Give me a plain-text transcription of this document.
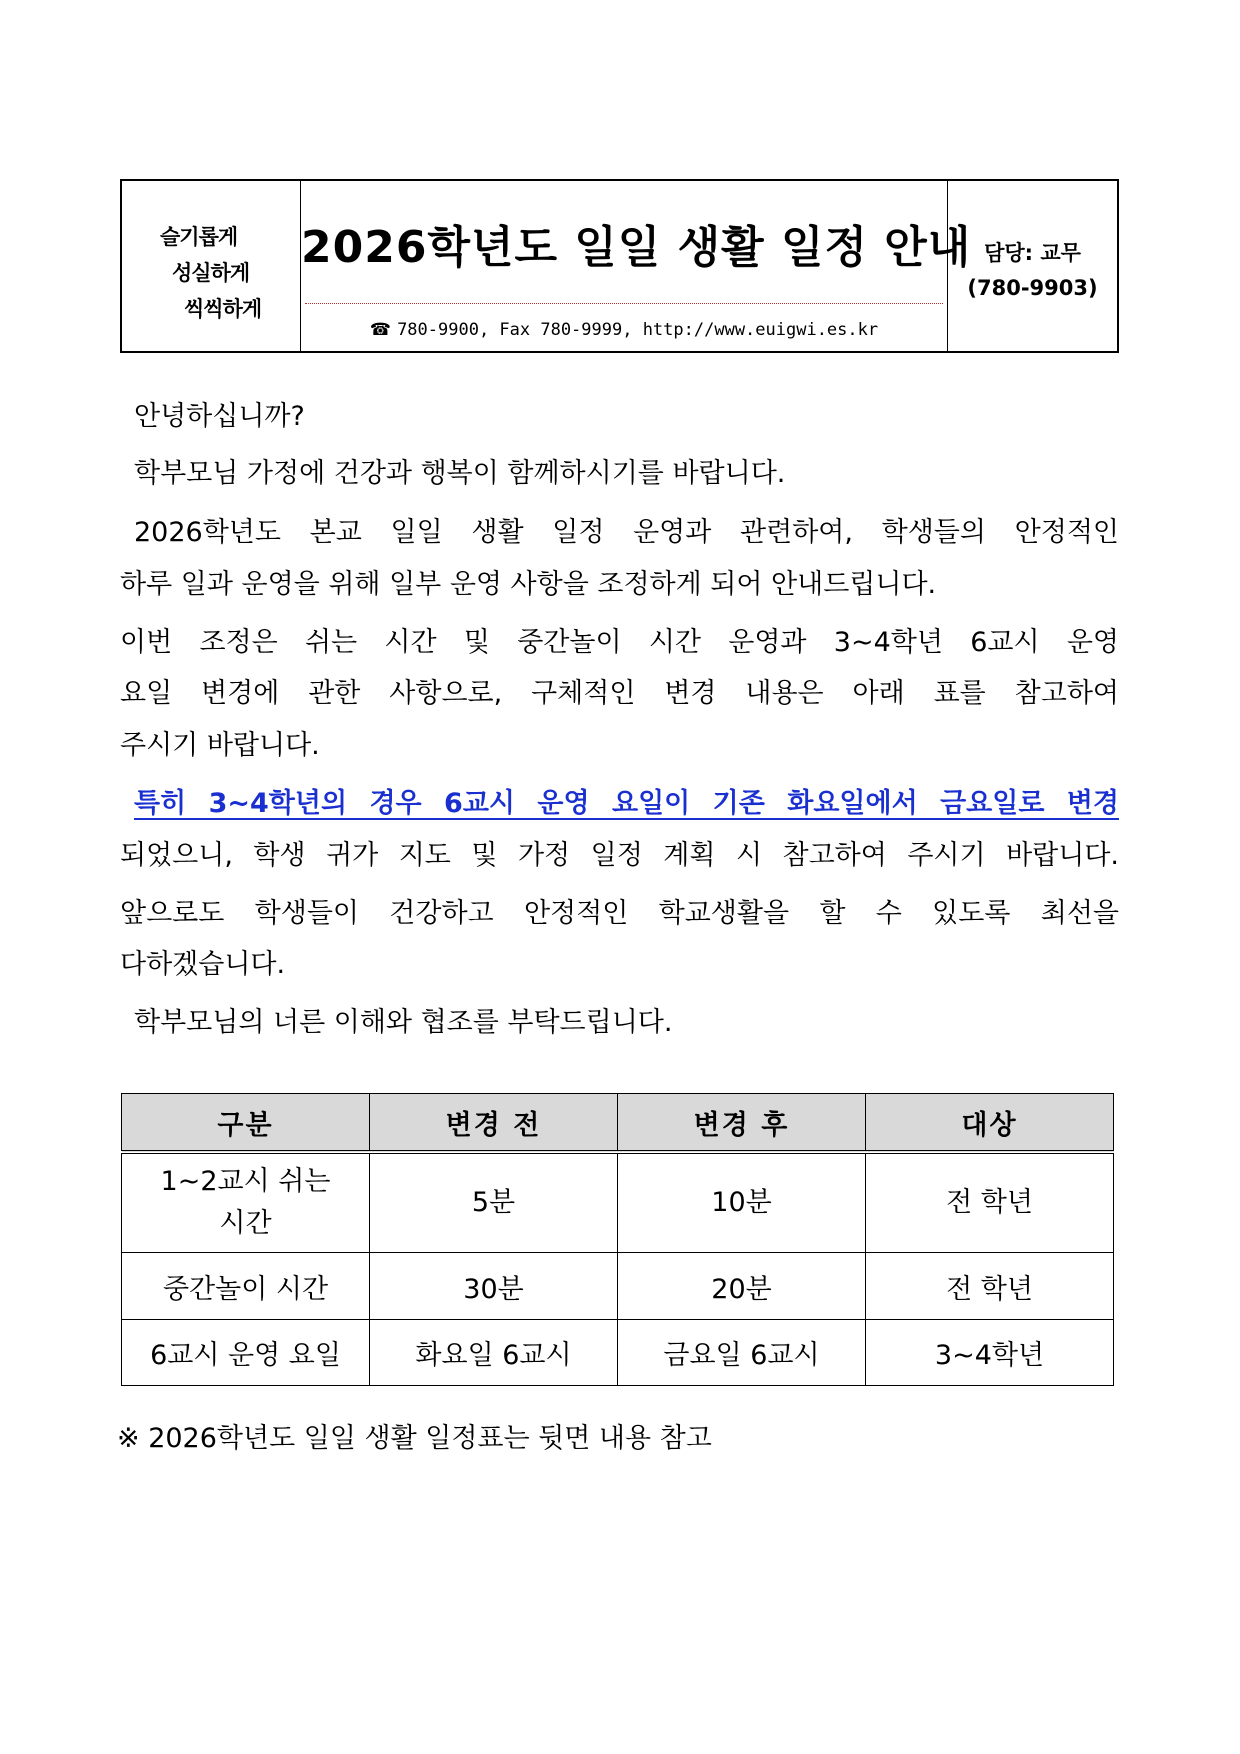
슬기롭게
성실하게
씩씩하게
2026학년도 일일 생활 일정 안내
☎ 780-9900, Fax 780-9999, http://www.euigwi.es.kr
담당: 교무
(780-9903)
안녕하십니까?
학부모님 가정에 건강과 행복이 함께하시기를 바랍니다.
2026학년도 본교 일일 생활 일정 운영과 관련하여, 학생들의 안정적인
하루 일과 운영을 위해 일부 운영 사항을 조정하게 되어 안내드립니다.
이번 조정은 쉬는 시간 및 중간놀이 시간 운영과 3~4학년 6교시 운영
요일 변경에 관한 사항으로, 구체적인 변경 내용은 아래 표를 참고하여
주시기 바랍니다.
특히 3~4학년의 경우 6교시 운영 요일이 기존 화요일에서 금요일로 변경
되었으니, 학생 귀가 지도 및 가정 일정 계획 시 참고하여 주시기 바랍니다.
앞으로도 학생들이 건강하고 안정적인 학교생활을 할 수 있도록 최선을
다하겠습니다.
학부모님의 너른 이해와 협조를 부탁드립니다.
구분	변경 전	변경 후	대상
1~2교시 쉬는
시간	5분	10분	전 학년
중간놀이 시간	30분	20분	전 학년
6교시 운영 요일	화요일 6교시	금요일 6교시	3~4학년
※ 2026학년도 일일 생활 일정표는 뒷면 내용 참고
